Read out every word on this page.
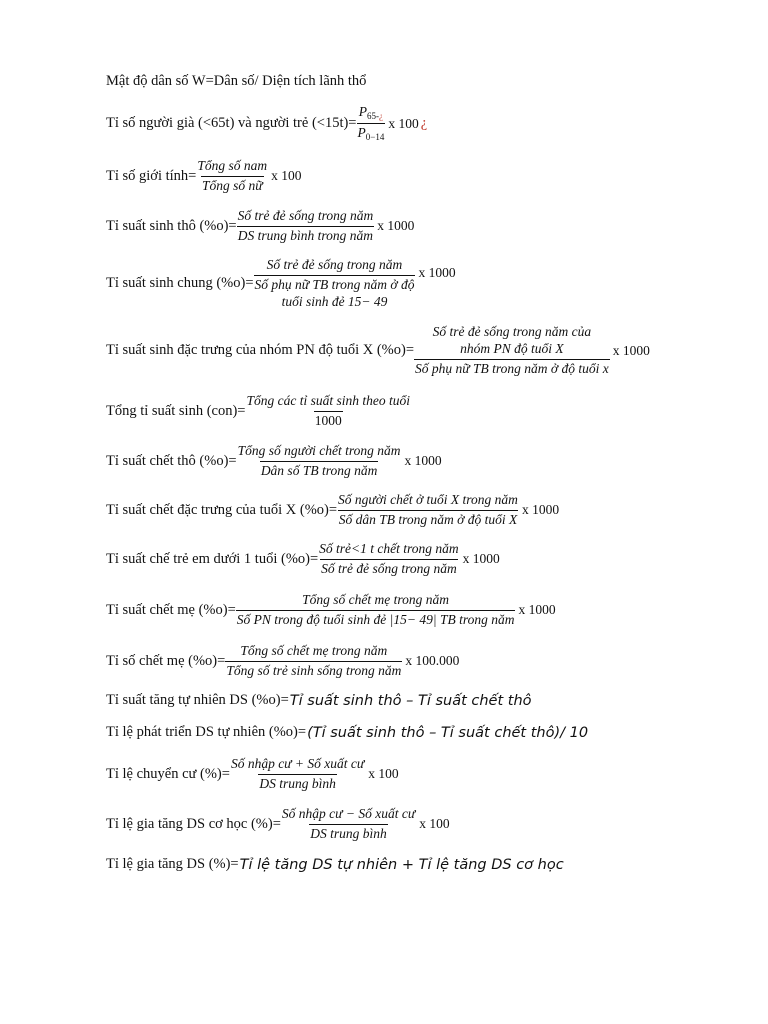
Mật độ dân số W=Dân số/ Diện tích lãnh thổ
Tỉ số người già (<65t) và người trẻ $(<15t)= \frac{P_{65-¿}}{P_{0-14}}$ x 100 ¿
Tỉ số giới tính= $\frac{\text{Tổng số nam}}{\text{Tổng số nữ}}$ x 100
Tỉ suất sinh thô $(\%o)= \frac{\text{Số trẻ đẻ sống trong năm}}{\text{DS trung bình trong năm}}$ x 1000
Tỉ suất sinh chung (%o)= Số trẻ đẻ sống trong năm
Số phụ nữ TB trong năm ở độ
tuổi sinh đẻ 15− 49 x 1000
Tỉ suất sinh đặc trưng của nhóm PN độ tuổi X (%o)= Số trẻ đẻ sống trong năm của
nhóm PN độ tuổi X
Số phụ nữ TB trong năm ở độ tuổi x x 1000
Tổng tỉ suất $\sinh (con)= \frac{\text{Tổng các tỉ suất sinh theo tuổi}}{1000}$
Tỉ suất chết thô $(\%o)= \frac{\text{Tổng số người chết trong năm}}{\text{Dân số TB trong năm}}$ x 1000
Tỉ suất chết đặc trưng của tuổi X $(\%o)= \frac{\text{Số người chết ở tuổi X trong năm}}{\text{Số dân TB trong năm ở độ tuổi X}}$ x 1000
Tỉ suất chế trẻ em dưới 1 tuổi $(\%o)= \frac{\text{Số trẻ<1 t chết trong năm}}{\text{Số trẻ đẻ sống trong năm}}$ x 1000
Tỉ suất chết mẹ $(\%o)= \frac{\text{Tổng số chết mẹ trong năm}}{\text{Số PN trong độ tuổi sinh đẻ |15− 49| TB trong năm}}$ x 1000
Tỉ số chết mẹ $(\%o)= \frac{\text{Tổng số chết mẹ trong năm}}{\text{Tổng số trẻ sinh sống trong năm}}$ x 100.000
Tỉ suất tăng tự nhiên DS (%o)= Tỉ suất sinh thô – Tỉ suất chết thô
Tỉ lệ phát triển DS tự nhiên (%o)= (Tỉ suất sinh thô – Tỉ suất chết thô)/ 10
Tỉ lệ chuyển cư (%)= $\frac{\text{Số nhập cư + Số xuất cư}}{\text{DS trung bình}}$ x 100
Tỉ lệ gia tăng DS cơ học (%)= $\frac{\text{Số nhập cư − Số xuất cư}}{\text{DS trung bình}}$ x 100
Tỉ lệ gia tăng DS (%)= Tỉ lệ tăng DS tự nhiên + Tỉ lệ tăng DS cơ học
